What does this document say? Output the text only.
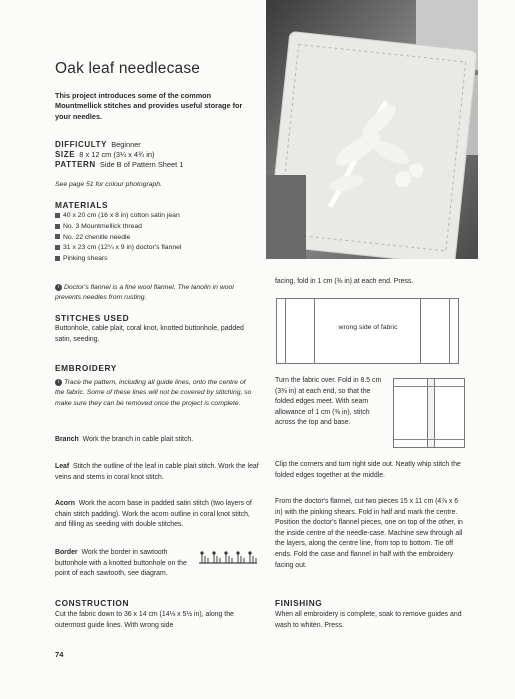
Oak leaf needlecase
This project introduces some of the common Mountmellick stitches and provides useful storage for your needles.
DIFFICULTY Beginner
SIZE 8 x 12 cm (3¼ x 4¾ in)
PATTERN Side B of Pattern Sheet 1
See page 51 for colour photograph.
MATERIALS
40 x 20 cm (16 x 8 in) cotton satin jean
No. 3 Mountmellick thread
No. 22 chenille needle
31 x 23 cm (12¼ x 9 in) doctor's flannel
Pinking shears
i Doctor's flannel is a fine wool flannel. The lanolin in wool prevents needles from rusting.
STITCHES USED
Buttonhole, cable plait, coral knot, knotted buttonhole, padded satin, seeding.
EMBROIDERY
i Trace the pattern, including all guide lines, onto the centre of the fabric. Some of these lines will not be covered by stitching, so make sure they can be removed once the project is complete.
Branch Work the branch in cable plait stitch.
Leaf Stitch the outline of the leaf in cable plait stitch. Work the leaf veins and stems in coral knot stitch.
Acorn Work the acorn base in padded satin stitch (two layers of chain stitch padding). Work the acorn outline in coral knot stitch, and filling as seeding with double stitches.
Border Work the border in sawtooth buttonhole with a knotted buttonhole on the point of each sawtooth, see diagram.
CONSTRUCTION
Cut the fabric down to 36 x 14 cm (14⅛ x 5½ in), along the outermost guide lines. With wrong side
74
facing, fold in 1 cm (⅜ in) at each end. Press.
wrong side of fabric
Turn the fabric over. Fold in 8.5 cm (3⅜ in) at each end, so that the folded edges meet. With seam allowance of 1 cm (⅜ in), stitch across the top and base.
Clip the corners and turn right side out. Neatly whip stitch the folded edges together at the middle.
From the doctor's flannel, cut two pieces 15 x 11 cm (4⅞ x 6 in) with the pinking shears. Fold in half and mark the centre. Position the doctor's flannel pieces, one on top of the other, in the inside centre of the needle-case. Machine sew through all the layers, along the centre line, from top to bottom. Tie off ends. Fold the case and flannel in half with the embroidery facing out.
FINISHING
When all embroidery is complete, soak to remove guides and wash to whiten. Press.
